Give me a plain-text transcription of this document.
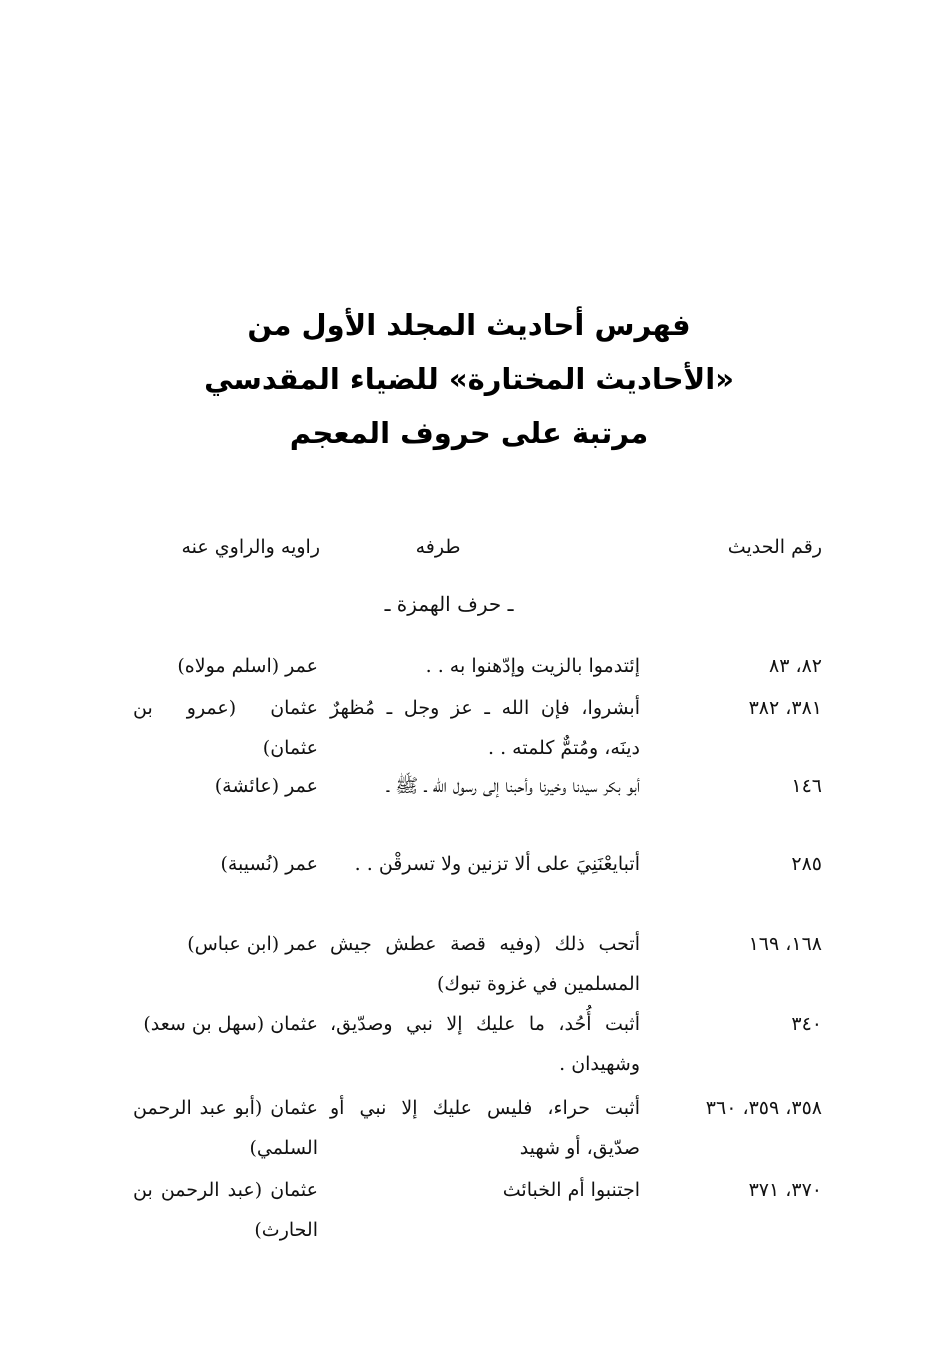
فهرس أحاديث المجلد الأول من
«الأحاديث المختارة» للضياء المقدسي
مرتبة على حروف المعجم
رقم الحديث
طرفه
راويه والراوي عنه
ـ حرف الهمزة ـ
٨٢، ٨٣
إئتدموا بالزيت وإدّهنوا به . .
عمر (اسلم مولاه)
٣٨١، ٣٨٢
أبشروا، فإن الله ـ عز وجل ـ مُظهرٌ دينَه، ومُتمٌّ كلمته . .
عثمان (عمرو بن عثمان)
١٤٦
أبو بكر سيدنا وخيرنا وأحبنا إلى رسول الله ـ ﷺ ـ
عمر (عائشة)
٢٨٥
أتبايعْنَنِيَ على ألا تزنين ولا تسرقْن . .
عمر (نُسيبة)
١٦٨، ١٦٩
أتحب ذلك (وفيه قصة عطش جيش المسلمين في غزوة تبوك)
عمر (ابن عباس)
٣٤٠
أثبت أُحُد، ما عليك إلا نبي وصدّيق، وشهيدان .
عثمان (سهل بن سعد)
٣٥٨، ٣٥٩، ٣٦٠
أثبت حراء، فليس عليك إلا نبي أو صدّيق، أو شهيد
عثمان (أبو عبد الرحمن السلمي)
٣٧٠، ٣٧١
اجتنبوا أم الخبائث
عثمان (عبد الرحمن بن الحارث)
